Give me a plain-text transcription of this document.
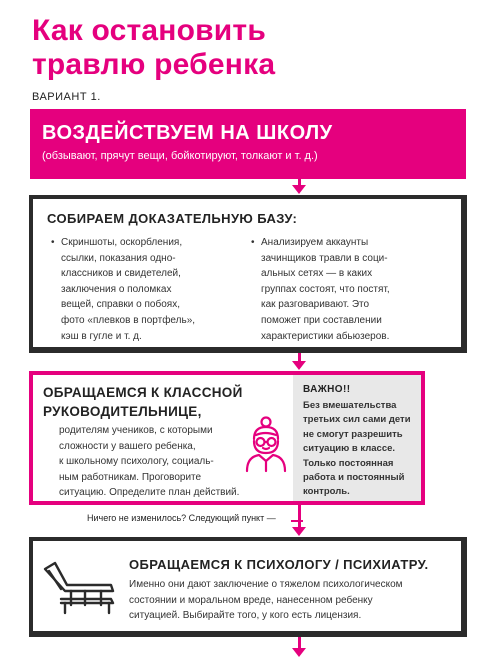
Как остановить
травлю ребенка
ВАРИАНТ 1.
ВОЗДЕЙСТВУЕМ НА ШКОЛУ
(обзывают, прячут вещи, бойкотируют, толкают и т. д.)
СОБИРАЕМ ДОКАЗАТЕЛЬНУЮ БАЗУ:
• Скриншоты, оскорбления,
ссылки, показания одно-
классников и свидетелей,
заключения о поломках
вещей, справки о побоях,
фото «плевков в портфель»,
кэш в гугле и т. д.
• Анализируем аккаунты
зачинщиков травли в соци-
альных сетях — в каких
группах состоят, что постят,
как разговаривают. Это
поможет при составлении
характеристики абьюзеров.
ОБРАЩАЕМСЯ К КЛАССНОЙ
РУКОВОДИТЕЛЬНИЦЕ,
родителям учеников, с которыми
сложности у вашего ребенка,
к школьному психологу, социаль-
ным работникам. Проговорите
ситуацию. Определите план действий.
ВАЖНО!!
Без вмешательства
третьих сил сами дети
не смогут разрешить
ситуацию в классе.
Только постоянная
работа и постоянный
контроль.
Ничего не изменилось? Следующий пункт —
ОБРАЩАЕМСЯ К ПСИХОЛОГУ / ПСИХИАТРУ.
Именно они дают заключение о тяжелом психологическом
состоянии и моральном вреде, нанесенном ребенку
ситуацией. Выбирайте того, у кого есть лицензия.
